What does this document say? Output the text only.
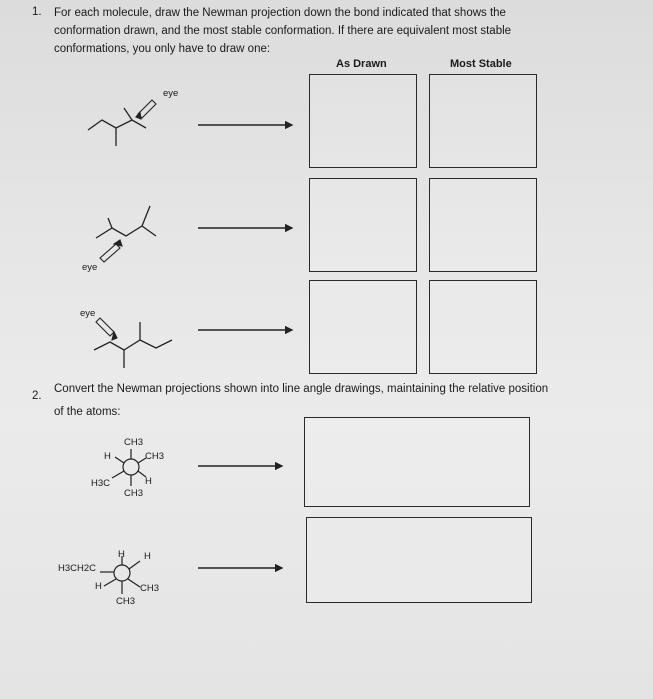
1. For each molecule, draw the Newman projection down the bond indicated that shows the
conformation drawn, and the most stable conformation. If there are equivalent most stable
conformations, you only have to draw one:
As Drawn	Most Stable
eye
eye
eye
2.
Convert the Newman projections shown into line angle drawings, maintaining the relative position
of the atoms:
CH3
H	CH3
H3C	H
CH3
H H
H3CH2C
H	CH3
CH3
